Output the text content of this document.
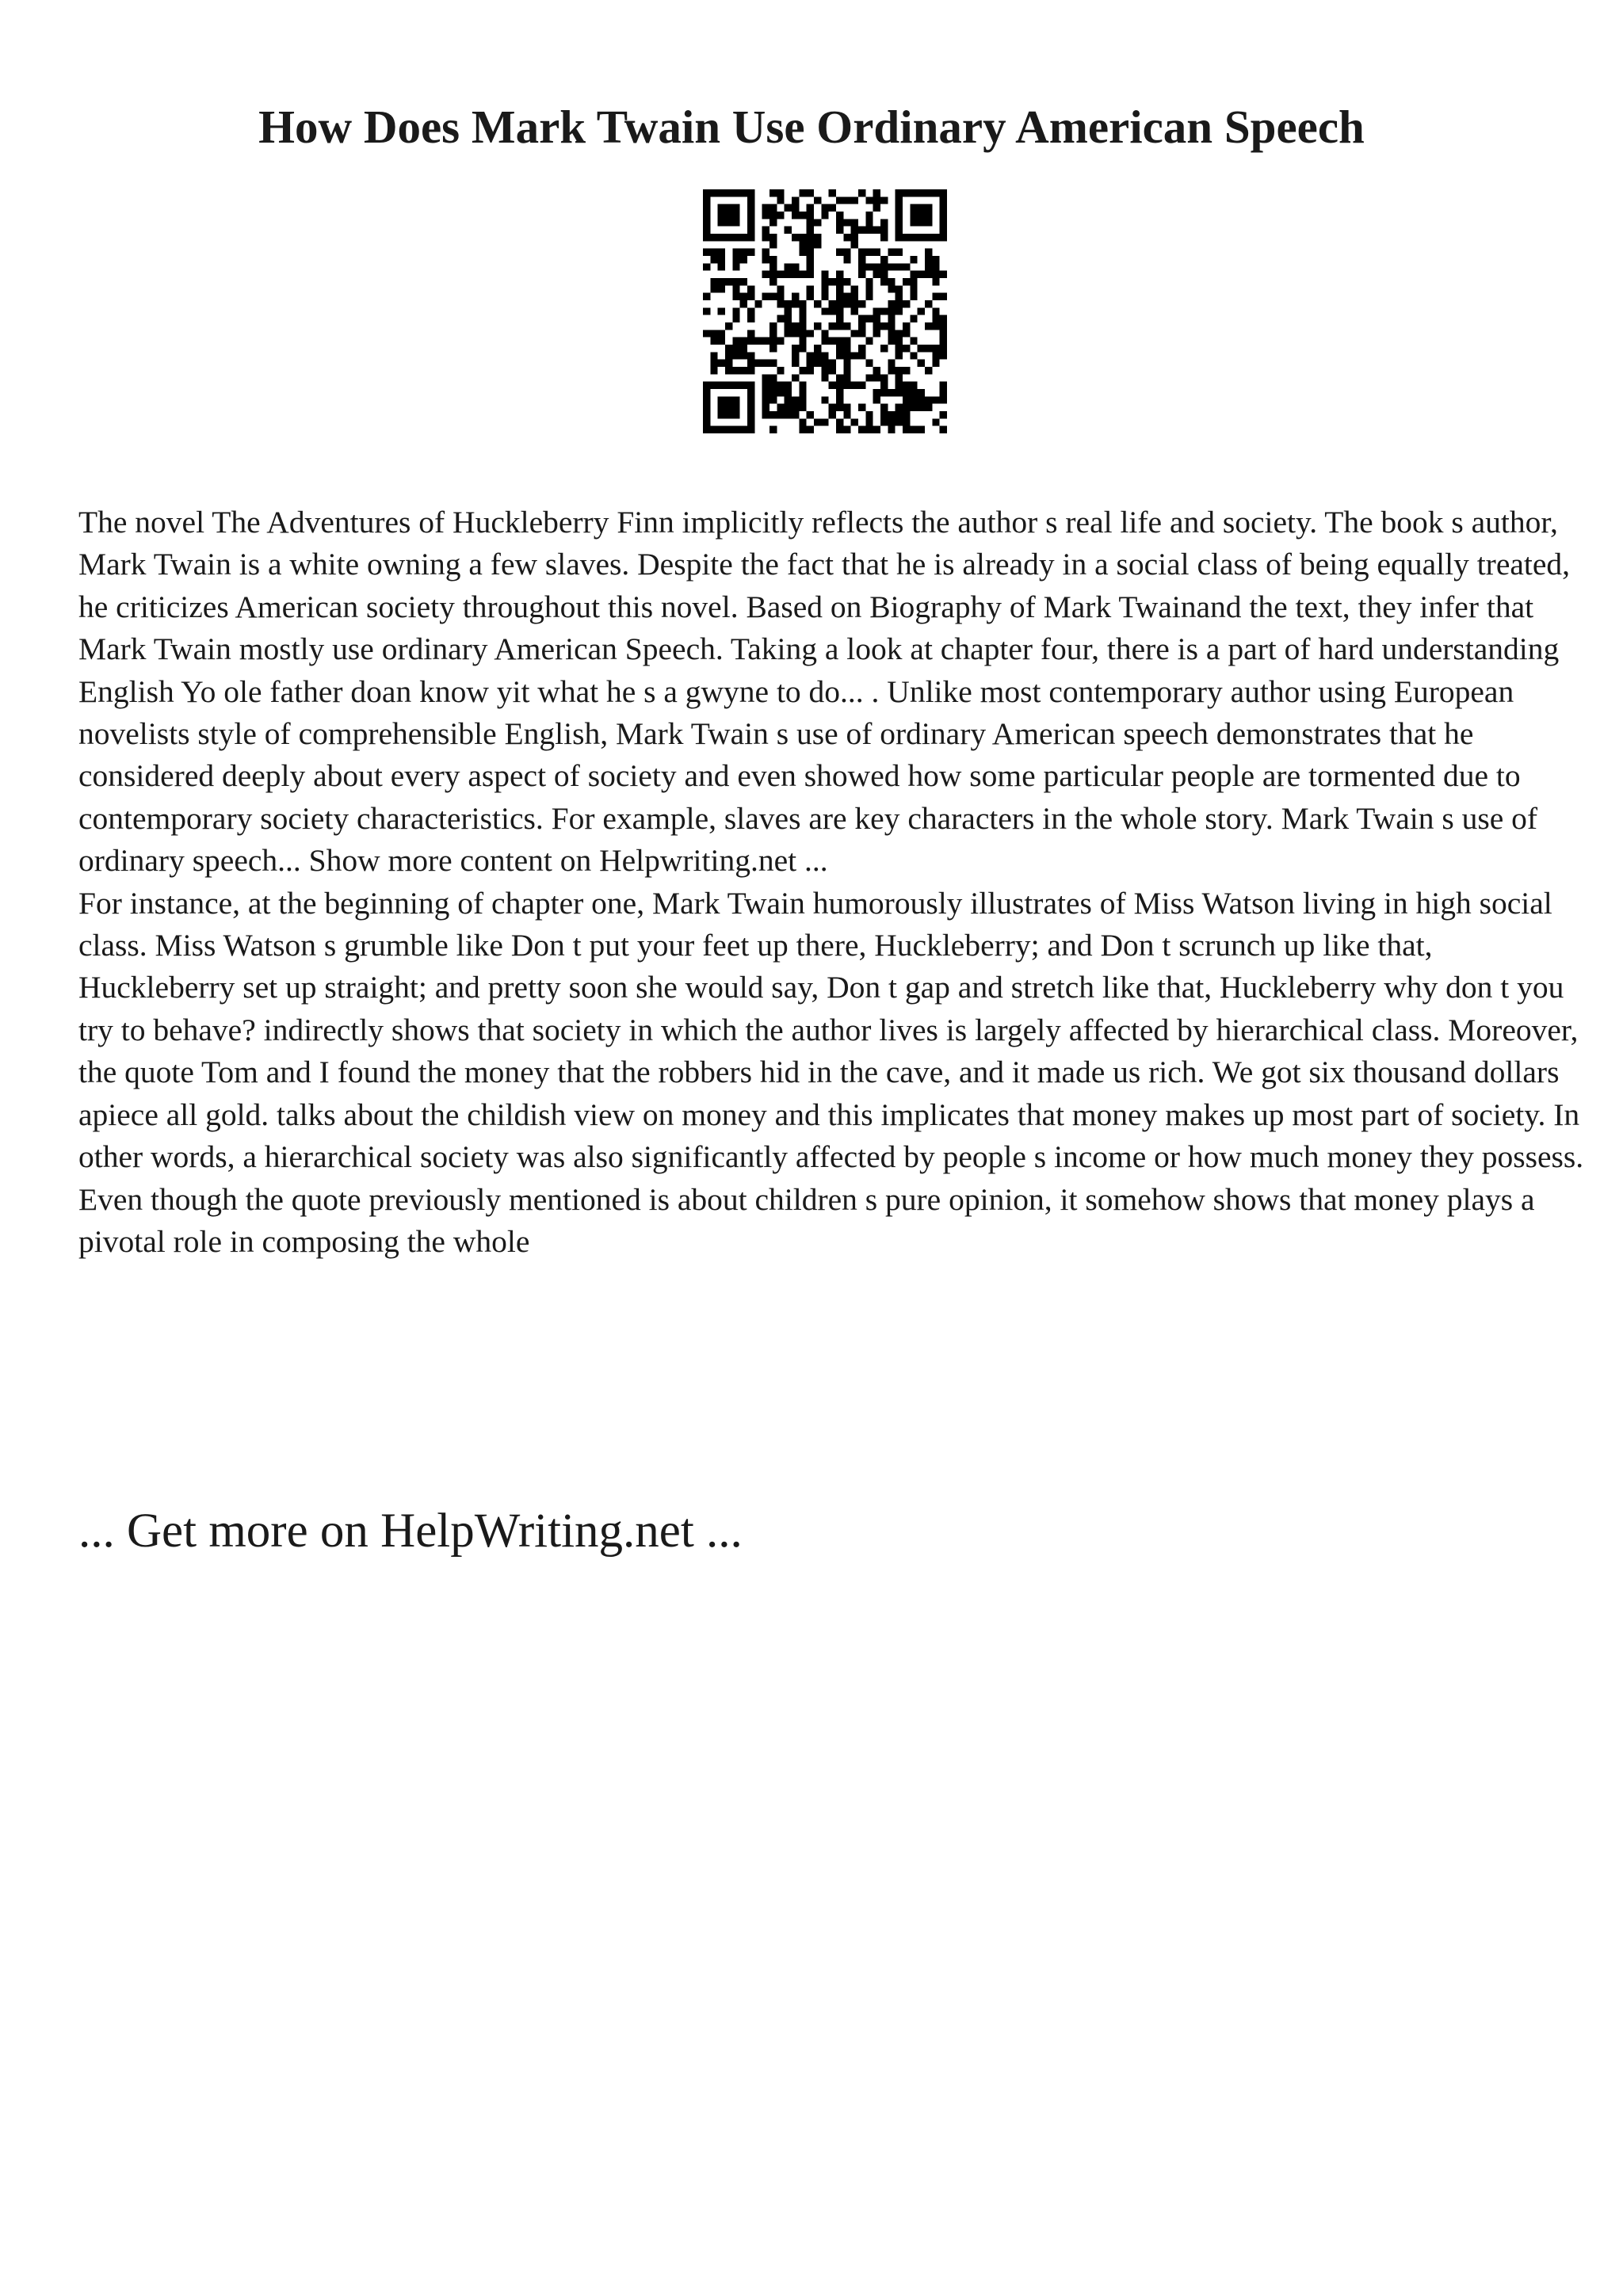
How Does Mark Twain Use Ordinary American Speech

The novel The Adventures of Huckleberry Finn implicitly reflects the author s real life and society. The book s author, Mark Twain is a white owning a few slaves. Despite the fact that he is already in a social class of being equally treated, he criticizes American society throughout this novel. Based on Biography of Mark Twainand the text, they infer that Mark Twain mostly use ordinary American Speech. Taking a look at chapter four, there is a part of hard understanding English Yo ole father doan know yit what he s a gwyne to do... . Unlike most contemporary author using European novelists style of comprehensible English, Mark Twain s use of ordinary American speech demonstrates that he considered deeply about every aspect of society and even showed how some particular people are tormented due to contemporary society characteristics. For example, slaves are key characters in the whole story. Mark Twain s use of ordinary speech... Show more content on Helpwriting.net ...

For instance, at the beginning of chapter one, Mark Twain humorously illustrates of Miss Watson living in high social class. Miss Watson s grumble like Don t put your feet up there, Huckleberry; and Don t scrunch up like that, Huckleberry set up straight; and pretty soon she would say, Don t gap and stretch like that, Huckleberry why don t you try to behave? indirectly shows that society in which the author lives is largely affected by hierarchical class. Moreover, the quote Tom and I found the money that the robbers hid in the cave, and it made us rich. We got six thousand dollars apiece all gold. talks about the childish view on money and this implicates that money makes up most part of society. In other words, a hierarchical society was also significantly affected by people s income or how much money they possess. Even though the quote previously mentioned is about children s pure opinion, it somehow shows that money plays a pivotal role in composing the whole

... Get more on HelpWriting.net ...
